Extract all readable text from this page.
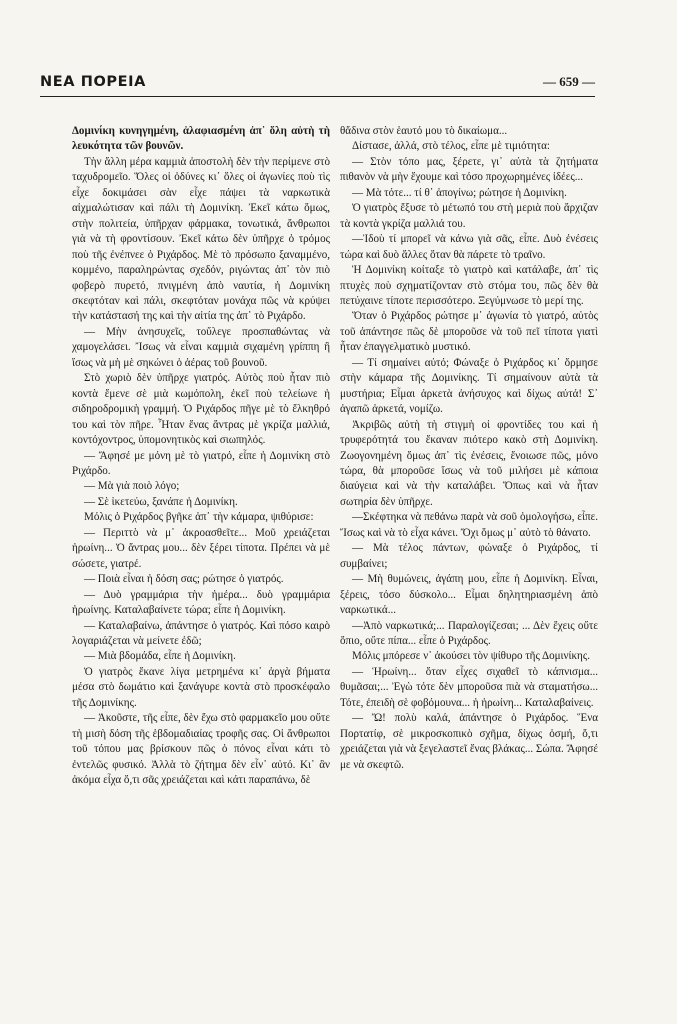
ΝΕΑ ΠΟΡΕΙΑ	— 659 —

Δομινίκη κυνηγημένη, ἀλαφιασμένη ἀπ᾽ ὅλη αὐτὴ τὴ λευκότητα τῶν βουνῶν.

Τὴν ἄλλη μέρα καμμιὰ ἀποστολὴ δὲν τὴν περίμενε στὸ ταχυδρομεῖο. Ὅλες οἱ ὀδύνες κι᾽ ὅλες οἱ ἀγωνίες ποὺ τὶς εἶχε δοκιμάσει σὰν εἶχε πάψει τὰ ναρκωτικὰ αἰχμαλώτισαν καὶ πάλι τὴ Δομινίκη. Ἐκεῖ κάτω ὅμως, στὴν πολιτεία, ὑπῆρχαν φάρμακα, τονωτικά, ἄνθρωποι γιὰ νὰ τὴ φροντίσουν. Ἐκεῖ κάτω δὲν ὑπῆρχε ὁ τρόμος ποὺ τῆς ἐνέπνεε ὁ Ριχάρδος. Μὲ τὸ πρόσωπο ξαναμμένο, κομμένο, παραληρώντας σχεδόν, ριγώντας ἀπ᾽ τὸν πιὸ φοβερὸ πυρετό, πνιγμένη ἀπὸ ναυτία, ἡ Δομινίκη σκεφτόταν καὶ πάλι, σκεφτόταν μονάχα πῶς νὰ κρύψει τὴν κατάστασή της καὶ τὴν αἰτία της ἀπ᾽ τὸ Ριχάρδο.

— Μὴν ἀνησυχεῖς, τοὔλεγε προσπαθώντας νὰ χαμογελάσει. Ἴσως νὰ εἶναι καμμιὰ σιχαμένη γρίππη ἢ ἴσως νὰ μὴ μὲ σηκώνει ὁ ἀέρας τοῦ βουνοῦ.

Στὸ χωριὸ δὲν ὑπῆρχε γιατρός. Αὐτὸς ποὺ ἦταν πιὸ κοντὰ ἔμενε σὲ μιὰ κωμόπολη, ἐκεῖ ποὺ τελείωνε ἡ σιδηροδρομικὴ γραμμή. Ὁ Ριχάρδος πῆγε μὲ τὸ ἔλκηθρό του καὶ τὸν πῆρε. Ἦταν ἕνας ἄντρας μὲ γκρίζα μαλλιά, κοντόχοντρος, ὑπομονητικὸς καὶ σιωπηλός.

— Ἄφησέ με μόνη μὲ τὸ γιατρό, εἶπε ἡ Δομινίκη στὸ Ριχάρδο.

— Μὰ γιὰ ποιὸ λόγο;

— Σὲ ἱκετεύω, ξανάπε ἡ Δομινίκη.

Μόλις ὁ Ριχάρδος βγῆκε ἀπ᾽ τὴν κάμαρα, ψιθύρισε:

— Περιττὸ νὰ μ᾽ ἀκροασθεῖτε... Μοῦ χρειάζεται ἡρωίνη... Ὁ ἄντρας μου... δὲν ξέρει τίποτα. Πρέπει νὰ μὲ σώσετε, γιατρέ.

— Ποιὰ εἶναι ἡ δόση σας; ρώτησε ὁ γιατρός.

— Δυὸ γραμμάρια τὴν ἡμέρα... δυὸ γραμμάρια ἡρωίνης. Καταλαβαίνετε τώρα; εἶπε ἡ Δομινίκη.

— Καταλαβαίνω, ἀπάντησε ὁ γιατρός. Καὶ πόσο καιρὸ λογαριάζεται νὰ μείνετε ἐδῶ;

— Μιὰ βδομάδα, εἶπε ἡ Δομινίκη.

Ὁ γιατρὸς ἔκανε λίγα μετρημένα κι᾽ ἀργὰ βήματα μέσα στὸ δωμάτιο καὶ ξανάγυρε κοντὰ στὸ προσκέφαλο τῆς Δομινίκης.

— Ἀκοῦστε, τῆς εἶπε, δὲν ἔχω στὸ φαρμακεῖο μου οὔτε τὴ μισὴ δόση τῆς ἑβδομαδιαίας τροφῆς σας. Οἱ ἄνθρωποι τοῦ τόπου μας βρίσκουν πῶς ὁ πόνος εἶναι κάτι τὸ ἐντελῶς φυσικό. Ἀλλὰ τὸ ζήτημα δὲν εἶν᾽ αὐτό. Κι᾽ ἂν ἀκόμα εἶχα ὅ,τι σᾶς χρειάζεται καὶ κάτι παραπάνω, δὲ

θἄδινα στὸν ἑαυτό μου τὸ δικαίωμα...

Δίστασε, ἀλλά, στὸ τέλος, εἶπε μὲ τιμιότητα:

— Στὸν τόπο μας, ξέρετε, γι᾽ αὐτὰ τὰ ζητήματα πιθανὸν νὰ μὴν ἔχουμε καὶ τόσο προχωρημένες ἰδέες...

— Μὰ τότε... τί θ᾽ ἀπογίνω; ρώτησε ἡ Δομινίκη.

Ὁ γιατρὸς ἔξυσε τὸ μέτωπό του στὴ μεριὰ ποὺ ἄρχιζαν τὰ κοντὰ γκρίζα μαλλιά του.

—Ἰδοὺ τί μπορεῖ νὰ κάνω γιὰ σᾶς, εἶπε. Δυὸ ἐνέσεις τώρα καὶ δυὸ ἄλλες ὅταν θὰ πάρετε τὸ τραῖνο.

Ἡ Δομινίκη κοίταξε τὸ γιατρὸ καὶ κατάλαβε, ἀπ᾽ τὶς πτυχὲς ποὺ σχηματίζονταν στὸ στόμα του, πῶς δὲν θὰ πετύχαινε τίποτε περισσότερο. Ξεγύμνωσε τὸ μερί της.

Ὅταν ὁ Ριχάρδος ρώτησε μ᾽ ἀγωνία τὸ γιατρό, αὐτὸς τοῦ ἀπάντησε πῶς δὲ μποροῦσε νὰ τοῦ πεῖ τίποτα γιατὶ ἦταν ἐπαγγελματικὸ μυστικό.

— Τί σημαίνει αὐτό; Φώναξε ὁ Ριχάρδος κι᾽ ὅρμησε στὴν κάμαρα τῆς Δομινίκης. Τί σημαίνουν αὐτὰ τὰ μυστήρια; Εἶμαι ἀρκετὰ ἀνήσυχος καὶ δίχως αὐτά! Σ᾽ ἀγαπῶ ἀρκετά, νομίζω.

Ἀκριβῶς αὐτὴ τὴ στιγμὴ οἱ φροντίδες του καὶ ἡ τρυφερότητά του ἔκαναν πιότερο κακὸ στὴ Δομινίκη. Ζωογονημένη ὅμως ἀπ᾽ τὶς ἐνέσεις, ἔνοιωσε πῶς, μόνο τώρα, θὰ μποροῦσε ἴσως νὰ τοῦ μιλήσει μὲ κάποια διαύγεια καὶ νὰ τὴν καταλάβει. Ὅπως καὶ νὰ ἦταν σωτηρία δὲν ὑπῆρχε.

—Σκέφτηκα νὰ πεθάνω παρὰ νὰ σοῦ ὁμολογήσω, εἶπε. Ἴσως καὶ νὰ τὸ εἶχα κάνει. Ὄχι ὅμως μ᾽ αὐτὸ τὸ θάνατο.

— Μὰ τέλος πάντων, φώναξε ὁ Ριχάρδος, τί συμβαίνει;

— Μὴ θυμώνεις, ἀγάπη μου, εἶπε ἡ Δομινίκη. Εἶναι, ξέρεις, τόσο δύσκολο... Εἶμαι δηλητηριασμένη ἀπὸ ναρκωτικά...

—Ἀπὸ ναρκωτικά;... Παραλογίζεσαι; ... Δὲν ἔχεις οὔτε ὄπιο, οὔτε πίπα... εἶπε ὁ Ριχάρδος.

Μόλις μπόρεσε ν᾽ ἀκούσει τὸν ψίθυρο τῆς Δομινίκης.

— Ἡρωίνη... ὅταν εἶχες σιχαθεῖ τὸ κάπνισμα... θυμᾶσαι;... Ἐγὼ τότε δὲν μποροῦσα πιὰ νὰ σταματήσω... Τότε, ἐπειδὴ σὲ φοβόμουνα... ἡ ἡρωίνη... Καταλαβαίνεις.

— Ὤ! πολὺ καλά, ἀπάντησε ὁ Ριχάρδος. Ἕνα Πορτατίφ, σὲ μικροσκοπικὸ σχῆμα, δίχως ὀσμή, ὅ,τι χρειάζεται γιὰ νὰ ξεγελαστεῖ ἕνας βλάκας... Σώπα. Ἄφησέ με νὰ σκεφτῶ.
